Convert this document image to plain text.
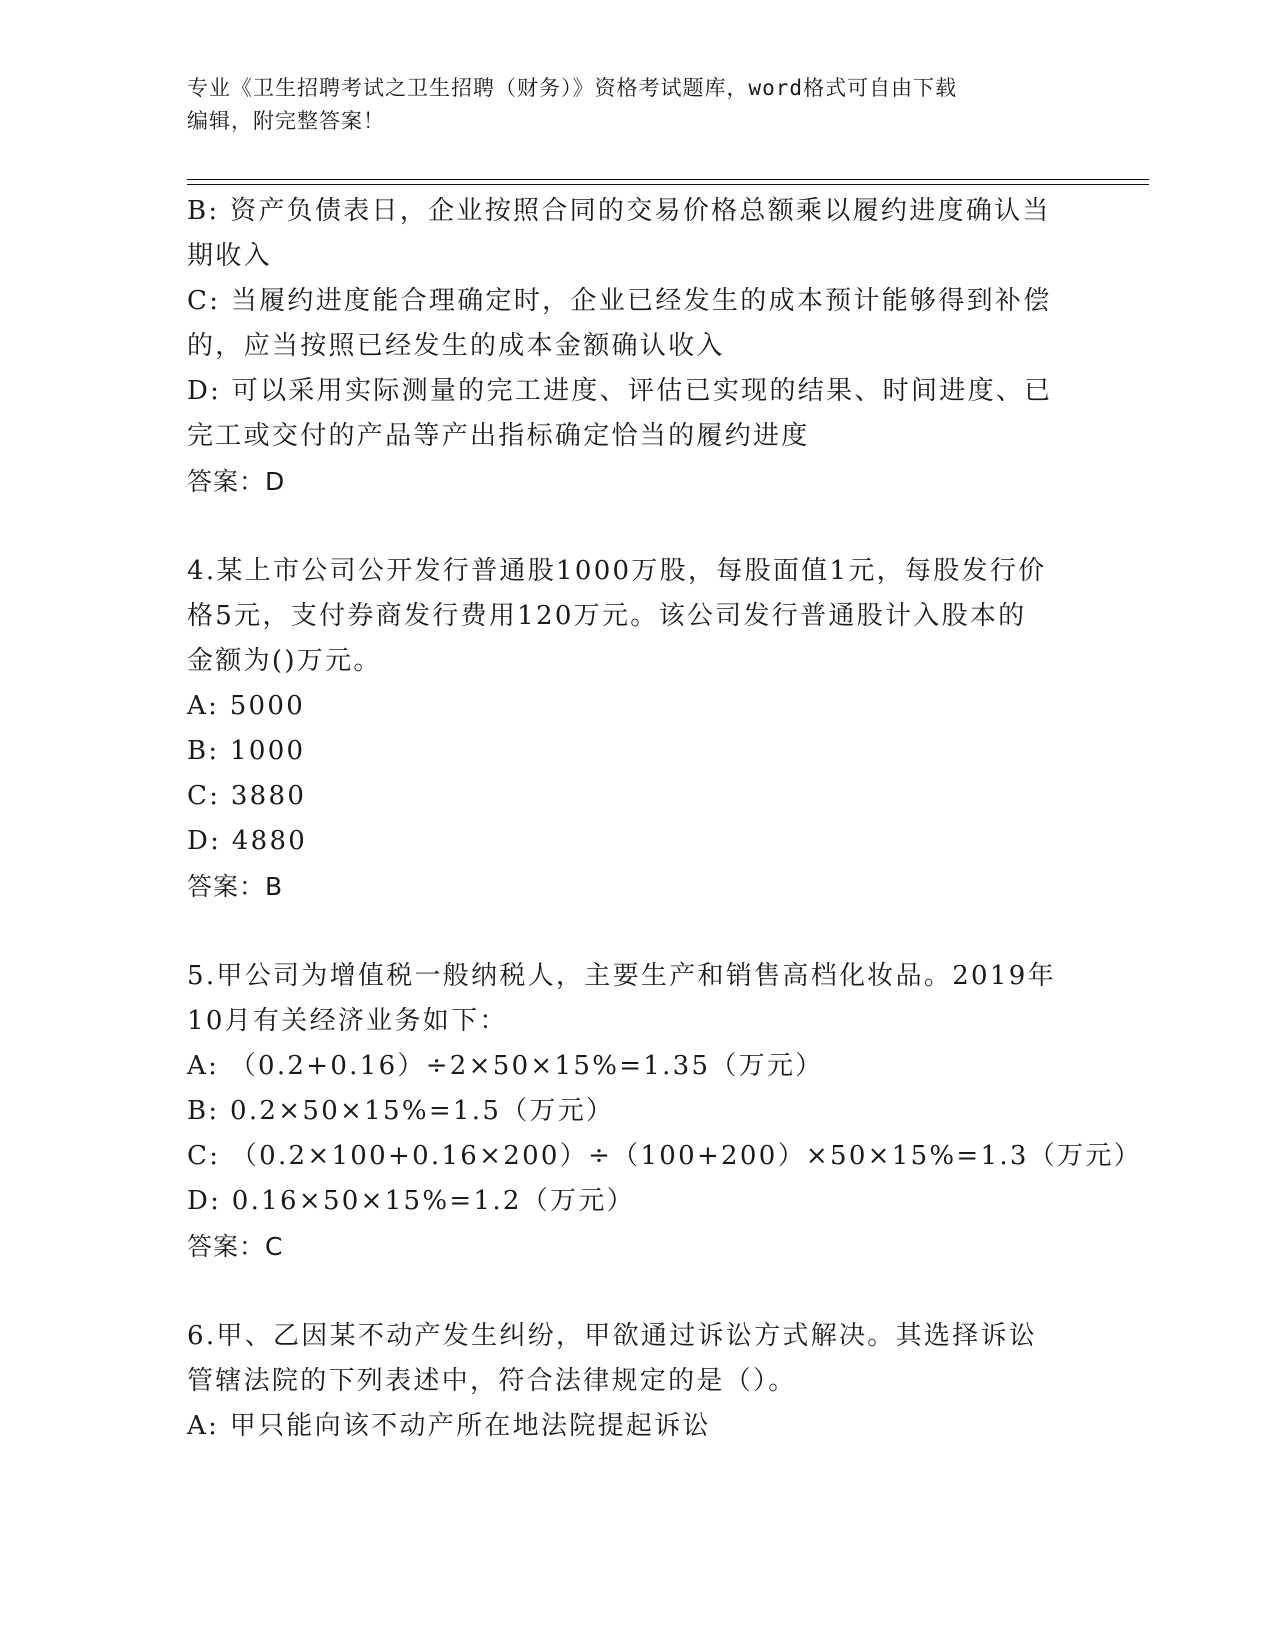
专业《卫生招聘考试之卫生招聘（财务）》资格考试题库，word格式可自由下载
编辑，附完整答案！
B: 资产负债表日，企业按照合同的交易价格总额乘以履约进度确认当
期收入
C: 当履约进度能合理确定时，企业已经发生的成本预计能够得到补偿
的，应当按照已经发生的成本金额确认收入
D: 可以采用实际测量的完工进度、评估已实现的结果、时间进度、已
完工或交付的产品等产出指标确定恰当的履约进度
答案：D
4.某上市公司公开发行普通股1000万股，每股面值1元，每股发行价
格5元，支付券商发行费用120万元。该公司发行普通股计入股本的
金额为()万元。
A: 5000
B: 1000
C: 3880
D: 4880
答案：B
5.甲公司为增值税一般纳税人，主要生产和销售高档化妆品。2019年
10月有关经济业务如下：
A: （0.2+0.16）÷2×50×15%=1.35（万元）
B: 0.2×50×15%=1.5（万元）
C: （0.2×100+0.16×200）÷（100+200）×50×15%=1.3（万元）
D: 0.16×50×15%=1.2（万元）
答案：C
6.甲、乙因某不动产发生纠纷，甲欲通过诉讼方式解决。其选择诉讼
管辖法院的下列表述中，符合法律规定的是（）。
A: 甲只能向该不动产所在地法院提起诉讼
